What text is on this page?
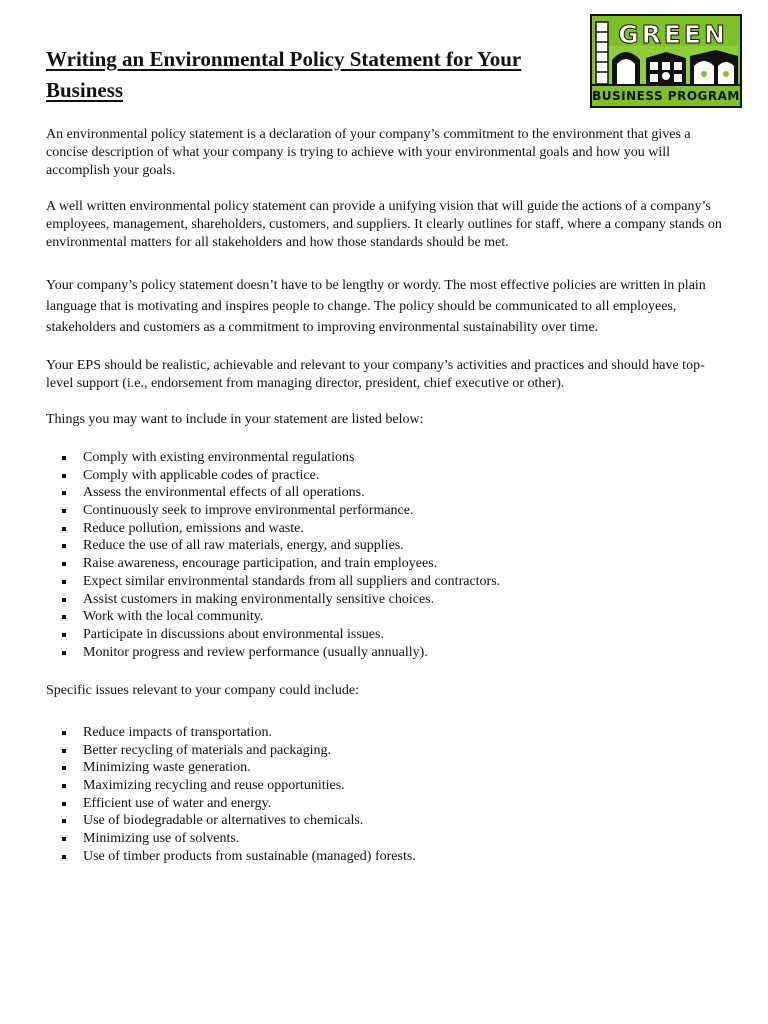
Writing an Environmental Policy Statement for Your Business
GREEN
BUSINESS PROGRAM
An environmental policy statement is a declaration of your company’s commitment to the environment that gives a concise description of what your company is trying to achieve with your environmental goals and how you will accomplish your goals.
A well written environmental policy statement can provide a unifying vision that will guide the actions of a company’s employees, management, shareholders, customers, and suppliers. It clearly outlines for staff, where a company stands on environmental matters for all stakeholders and how those standards should be met.
Your company’s policy statement doesn’t have to be lengthy or wordy. The most effective policies are written in plain language that is motivating and inspires people to change. The policy should be communicated to all employees, stakeholders and customers as a commitment to improving environmental sustainability over time.
Your EPS should be realistic, achievable and relevant to your company’s activities and practices and should have top-level support (i.e., endorsement from managing director, president, chief executive or other).
Things you may want to include in your statement are listed below:
Comply with existing environmental regulations
Comply with applicable codes of practice.
Assess the environmental effects of all operations.
Continuously seek to improve environmental performance.
Reduce pollution, emissions and waste.
Reduce the use of all raw materials, energy, and supplies.
Raise awareness, encourage participation, and train employees.
Expect similar environmental standards from all suppliers and contractors.
Assist customers in making environmentally sensitive choices.
Work with the local community.
Participate in discussions about environmental issues.
Monitor progress and review performance (usually annually).
Specific issues relevant to your company could include:
Reduce impacts of transportation.
Better recycling of materials and packaging.
Minimizing waste generation.
Maximizing recycling and reuse opportunities.
Efficient use of water and energy.
Use of biodegradable or alternatives to chemicals.
Minimizing use of solvents.
Use of timber products from sustainable (managed) forests.
